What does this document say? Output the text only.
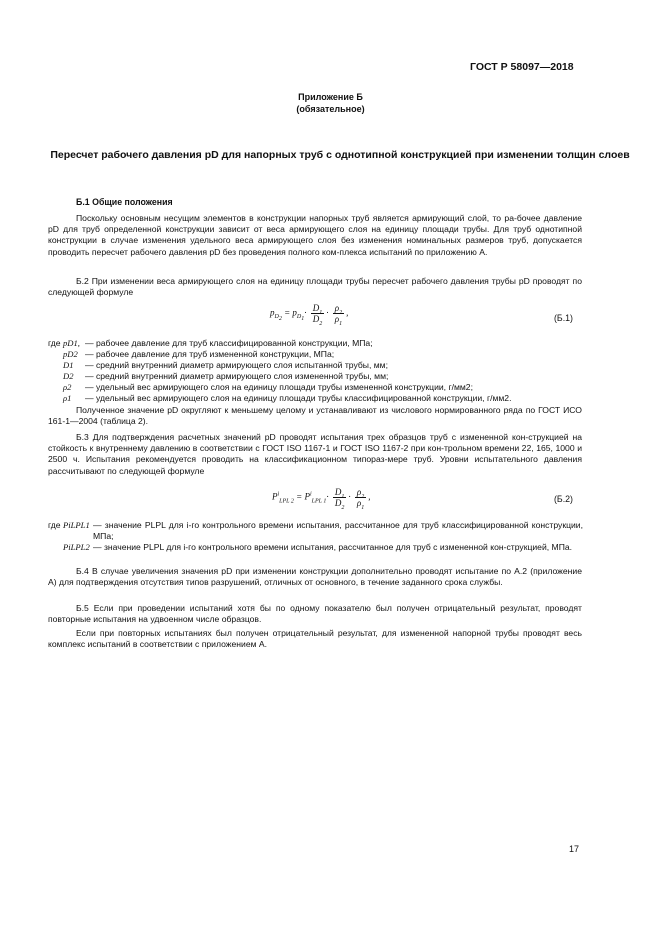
ГОСТ Р 58097—2018
Приложение Б
(обязательное)
Пересчет рабочего давления pD для напорных труб с однотипной конструкцией при изменении толщин слоев
Б.1 Общие положения
Поскольку основным несущим элементов в конструкции напорных труб является армирующий слой, то ра-бочее давление pD для труб определенной конструкции зависит от веса армирующего слоя на единицу площади трубы. Для труб однотипной конструкции в случае изменения удельного веса армирующего слоя без изменения номинальных размеров труб, допускается проводить пересчет рабочего давления pD без проведения полного ком-плекса испытаний по приложению А.
Б.2 При изменении веса армирующего слоя на единицу площади трубы пересчет рабочего давления трубы pD проводят по следующей формуле
$p_{D_2} = p_{D_1}\cdot \frac{D_1}{D_2} \cdot \frac{\rho_2}{\rho_1}$ ,
(Б.1)
где pD1, — рабочее давление для труб классифицированной конструкции, МПа;
pD2 — рабочее давление для труб измененной конструкции, МПа;
D1 — средний внутренний диаметр армирующего слоя испытанной трубы, мм;
D2 — средний внутренний диаметр армирующего слоя измененной трубы, мм;
ρ2 — удельный вес армирующего слоя на единицу площади трубы измененной конструкции, г/мм2;
ρ1 — удельный вес армирующего слоя на единицу площади трубы классифицированной конструкции, г/мм2.
Полученное значение pD округляют к меньшему целому и устанавливают из числового нормированного ряда по ГОСТ ИСО 161-1—2004 (таблица 2).
Б.3 Для подтверждения расчетных значений pD проводят испытания трех образцов труб с измененной кон-струкцией на стойкость к внутреннему давлению в соответствии с ГОСТ ISO 1167-1 и ГОСТ ISO 1167-2 при кон-трольном времени 22, 165, 1000 и 2500 ч. Испытания рекомендуется проводить на классификационном типораз-мере труб. Уровни испытательного давления рассчитывают по следующей формуле
$P^i_{LPL 2} = P^i_{LPL 1}\cdot \frac{D_1}{D_2} \cdot \frac{\rho_2}{\rho_1}$ ,	(Б.2)
где PiLPL1 — значение PLPL для i-го контрольного времени испытания, рассчитанное для труб классифицированной конструкции, МПа;
PiLPL2 — значение PLPL для i-го контрольного времени испытания, рассчитанное для труб с измененной кон-струкцией, МПа.
Б.4 В случае увеличения значения pD при изменении конструкции дополнительно проводят испытание по А.2 (приложение А) для подтверждения отсутствия типов разрушений, отличных от основного, в течение заданного срока службы.
Б.5 Если при проведении испытаний хотя бы по одному показателю был получен отрицательный результат, проводят повторные испытания на удвоенном числе образцов.
Если при повторных испытаниях был получен отрицательный результат, для измененной напорной трубы проводят весь комплекс испытаний в соответствии с приложением А.
17
